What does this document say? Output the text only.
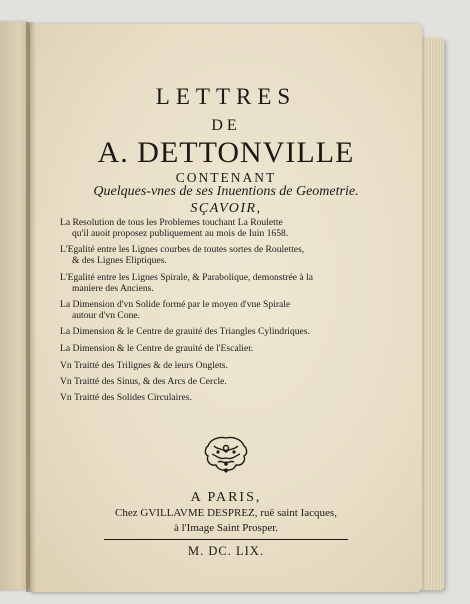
LETTRES
DE
A. DETTONVILLE
CONTENANT
Quelques-vnes de ses Inuentions de Geometrie.
SÇAVOIR,
La Resolution de tous les Problemes touchant La Roulette
qu'il auoit proposez publiquement au mois de Iuin 1658.
L'Egalité entre les Lignes courbes de toutes sortes de Roulettes,
& des Lignes Eliptiques.
L'Egalité entre les Lignes Spirale, & Parabolique, demonstrée à la
maniere des Anciens.
La Dimension d'vn Solide formé par le moyen d'vne Spirale
autour d'vn Cone.
La Dimension & le Centre de grauité des Triangles Cylindriques.
La Dimension & le Centre de grauité de l'Escalier.
Vn Traitté des Trilignes & de leurs Onglets.
Vn Traitté des Sinus, & des Arcs de Cercle.
Vn Traitté des Solides Circulaires.
A PARIS,
Chez GVILLAVME DESPREZ, ruë saint Iacques,
à l'Image Saint Prosper.
M. DC. LIX.
